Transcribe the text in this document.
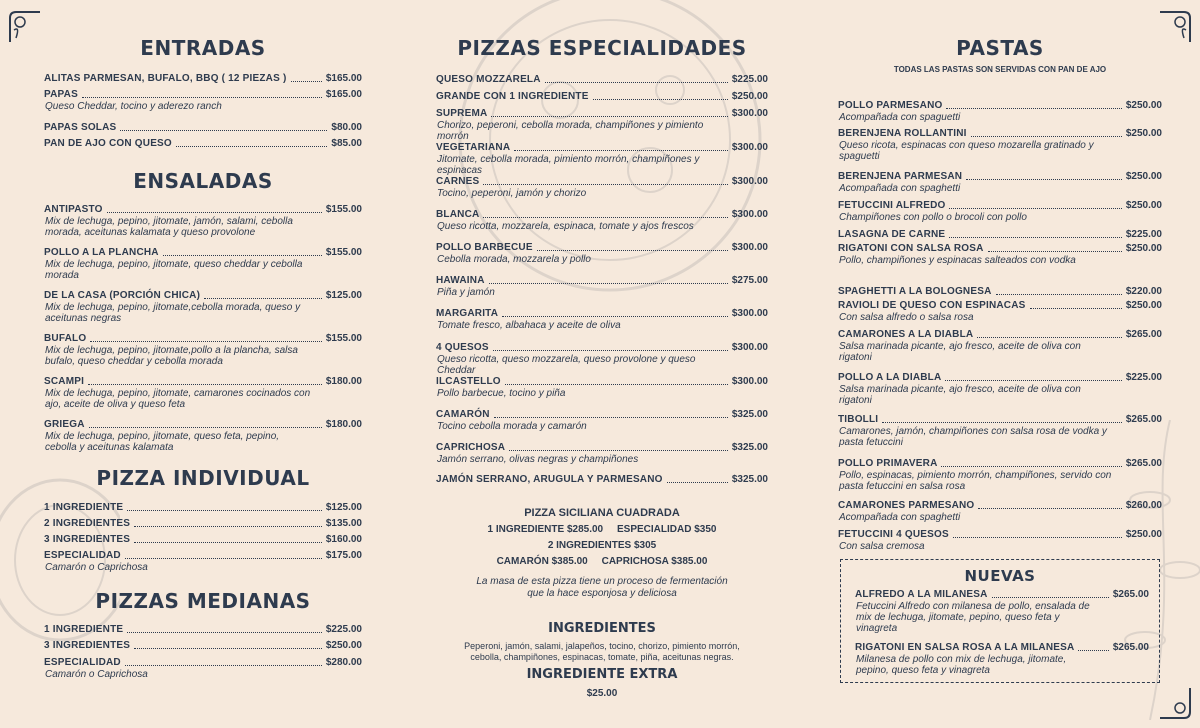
ENTRADAS
ALITAS PARMESAN, BUFALO, BBQ ( 12 PIEZAS )	$165.00
PAPAS	$165.00
Queso Cheddar, tocino y aderezo ranch
PAPAS SOLAS	$80.00
PAN DE AJO CON QUESO	$85.00
ENSALADAS
ANTIPASTO	$155.00
Mix de lechuga, pepino, jitomate, jamón, salami, cebolla morada, aceitunas kalamata y queso provolone
POLLO A LA PLANCHA	$155.00
Mix de lechuga, pepino, jitomate, queso cheddar y cebolla morada
DE LA CASA (PORCIÓN CHICA)	$125.00
Mix de lechuga, pepino, jitomate,cebolla morada, queso y aceitunas negras
BUFALO	$155.00
Mix de lechuga, pepino, jitomate,pollo a la plancha, salsa bufalo, queso cheddar y cebolla morada
SCAMPI	$180.00
Mix de lechuga, pepino, jitomate, camarones cocinados con ajo, aceite de oliva y queso feta
GRIEGA	$180.00
Mix de lechuga, pepino, jitomate, queso feta, pepino, cebolla y aceitunas kalamata
PIZZA INDIVIDUAL
1 INGREDIENTE	$125.00
2 INGREDIENTES	$135.00
3 INGREDIENTES	$160.00
ESPECIALIDAD	$175.00
Camarón o Caprichosa
PIZZAS MEDIANAS
1 INGREDIENTE	$225.00
3 INGREDIENTES	$250.00
ESPECIALIDAD	$280.00
Camarón o Caprichosa
PIZZAS ESPECIALIDADES
QUESO MOZZARELA	$225.00
GRANDE CON 1 INGREDIENTE	$250.00
SUPREMA	$300.00
Chorizo, peperoni, cebolla morada, champiñones y pimiento morrón
VEGETARIANA	$300.00
Jitomate, cebolla morada, pimiento morrón, champiñones y espinacas
CARNES	$300.00
Tocino, peperoni, jamón y chorizo
BLANCA	$300.00
Queso ricotta, mozzarela, espinaca, tomate y ajos frescos
POLLO BARBECUE	$300.00
Cebolla morada, mozzarela y pollo
HAWAINA	$275.00
Piña y jamón
MARGARITA	$300.00
Tomate fresco, albahaca y aceite de oliva
4 QUESOS	$300.00
Queso ricotta, queso mozzarela, queso provolone y queso Cheddar
ILCASTELLO	$300.00
Pollo barbecue, tocino y piña
CAMARÓN	$325.00
Tocino cebolla morada y camarón
CAPRICHOSA	$325.00
Jamón serrano, olivas negras y champiñones
JAMÓN SERRANO, ARUGULA Y PARMESANO	$325.00
PIZZA SICILIANA CUADRADA
1 INGREDIENTE $285.00     ESPECIALIDAD $350
2 INGREDIENTES $305
CAMARÓN $385.00     CAPRICHOSA $385.00
La masa de esta pizza tiene un proceso de fermentación
que la hace esponjosa y deliciosa
INGREDIENTES
Peperoni, jamón, salami, jalapeños, tocino, chorizo, pimiento morrón,
cebolla, champiñones, espinacas, tomate, piña, aceitunas negras.
INGREDIENTE EXTRA
$25.00
PASTAS
TODAS LAS PASTAS SON SERVIDAS CON PAN DE AJO
POLLO PARMESANO	$250.00
Acompañada con spaguetti
BERENJENA ROLLANTINI	$250.00
Queso ricota, espinacas con queso mozarella gratinado y spaguetti
BERENJENA PARMESAN	$250.00
Acompañada con spaghetti
FETUCCINI ALFREDO	$250.00
Champiñones con pollo o brocoli con pollo
LASAGNA DE CARNE	$225.00
RIGATONI CON SALSA ROSA	$250.00
Pollo, champiñones y espinacas salteados con vodka
SPAGHETTI A LA BOLOGNESA	$220.00
RAVIOLI DE QUESO CON ESPINACAS	$250.00
Con salsa alfredo o salsa rosa
CAMARONES A LA DIABLA	$265.00
Salsa marinada picante, ajo fresco, aceite de oliva con rigatoni
POLLO A LA DIABLA	$225.00
Salsa marinada picante, ajo fresco, aceite de oliva con rigatoni
TIBOLLI	$265.00
Camarones, jamón, champiñones con salsa rosa de vodka y pasta fetuccini
POLLO PRIMAVERA	$265.00
Pollo, espinacas, pimiento morrón, champiñones, servido con pasta fetuccini en salsa rosa
CAMARONES PARMESANO	$260.00
Acompañada con spaghetti
FETUCCINI 4 QUESOS	$250.00
Con salsa cremosa
NUEVAS
ALFREDO A LA MILANESA	$265.00
Fetuccini Alfredo con milanesa de pollo, ensalada de mix de lechuga, jitomate, pepino, queso feta y vinagreta
RIGATONI EN SALSA ROSA A LA MILANESA	$265.00
Milanesa de pollo con mix de lechuga, jitomate, pepino, queso feta y vinagreta
